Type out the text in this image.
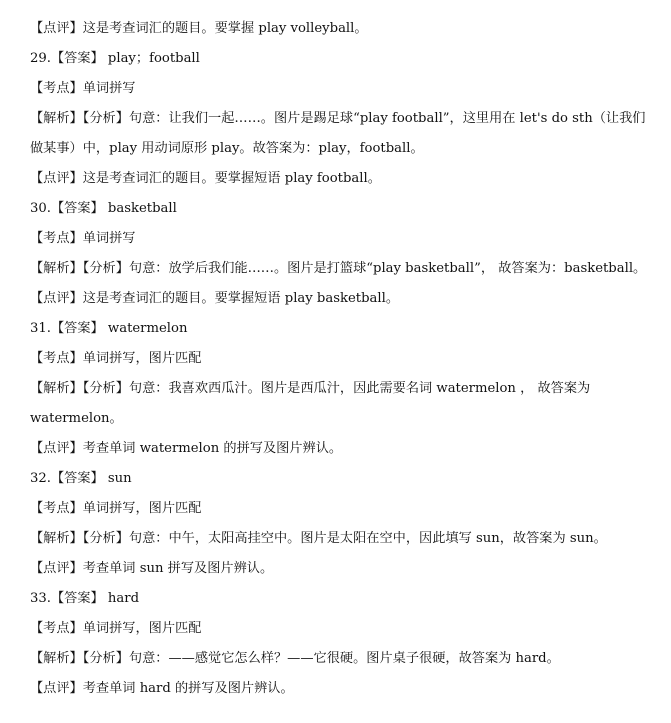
【点评】这是考查词汇的题目。要掌握 play volleyball。
29.【答案】 play；football
【考点】单词拼写
【解析】【分析】句意：让我们一起……。图片是踢足球“play football”，这里用在 let's do sth（让我们
做某事）中，play 用动词原形 play。故答案为：play，football。
【点评】这是考查词汇的题目。要掌握短语 play football。
30.【答案】 basketball
【考点】单词拼写
【解析】【分析】句意：放学后我们能……。图片是打篮球“play basketball”， 故答案为：basketball。
【点评】这是考查词汇的题目。要掌握短语 play basketball。
31.【答案】 watermelon
【考点】单词拼写，图片匹配
【解析】【分析】句意：我喜欢西瓜汁。图片是西瓜汁，因此需要名词 watermelon ， 故答案为
watermelon。
【点评】考查单词 watermelon 的拼写及图片辨认。
32.【答案】 sun
【考点】单词拼写，图片匹配
【解析】【分析】句意：中午，太阳高挂空中。图片是太阳在空中，因此填写 sun，故答案为 sun。
【点评】考查单词 sun 拼写及图片辨认。
33.【答案】 hard
【考点】单词拼写，图片匹配
【解析】【分析】句意：——感觉它怎么样？——它很硬。图片桌子很硬，故答案为 hard。
【点评】考查单词 hard 的拼写及图片辨认。
